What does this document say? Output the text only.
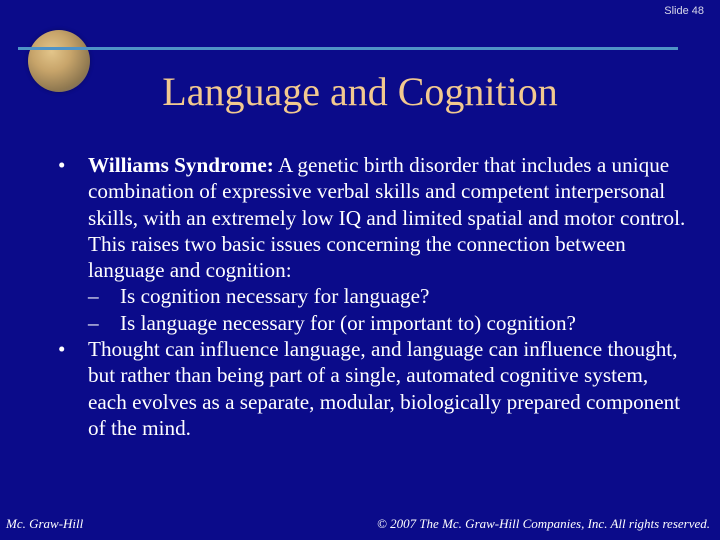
Slide 48
Language and Cognition
•	Williams Syndrome: A genetic birth disorder that includes a unique combination of expressive verbal skills and competent interpersonal skills, with an extremely low IQ and limited spatial and motor control. This raises two basic issues concerning the connection between language and cognition:
– Is cognition necessary for language?
– Is language necessary for (or important to) cognition?
•	Thought can influence language, and language can influence thought, but rather than being part of a single, automated cognitive system, each evolves as a separate, modular, biologically prepared component of the mind.
Mc. Graw-Hill	© 2007 The Mc. Graw-Hill Companies, Inc. All rights reserved.
